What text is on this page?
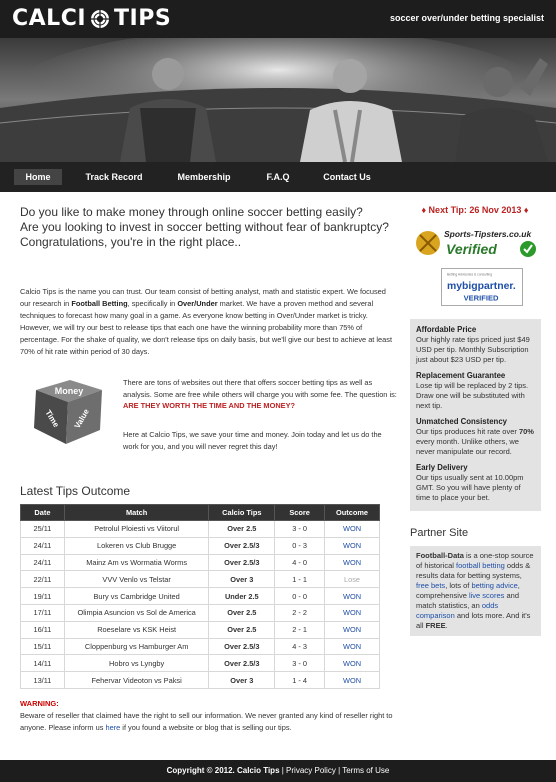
CALCI TIPS	soccer over/under betting specialist
Home	Track Record	Membership	F.A.Q	Contact Us
Do you like to make money through online soccer betting easily?
Are you looking to invest in soccer betting without fear of bankruptcy?
Congratulations, you're in the right place..
Calcio Tips is the name you can trust. Our team consist of betting analyst, math and statistic expert. We focused our research in Football Betting, specifically in Over/Under market. We have a proven method and several techniques to forecast how many goal in a game. As everyone know betting in Over/Under market is tricky. However, we will try our best to release tips that each one have the winning probability more than 75% of percentage. For the shake of quality, we don't release tips on daily basis, but we'll give our best to achieve at least 70% of hit rate within period of 30 days.
Money
Time Value
There are tons of websites out there that offers soccer betting tips as well as analysis. Some are free while others will charge you with some fee. The question is: ARE THEY WORTH THE TIME AND THE MONEY?
Here at Calcio Tips, we save your time and money. Join today and let us do the work for you, and you will never regret this day!
Latest Tips Outcome
Date	Match	Calcio Tips	Score	Outcome
25/11	Petrolul Ploiesti vs Viitorul	Over 2.5	3 - 0	WON
24/11	Lokeren vs Club Brugge	Over 2.5/3	0 - 3	WON
24/11	Mainz Am vs Wormatia Worms	Over 2.5/3	4 - 0	WON
22/11	VVV Venlo vs Telstar	Over 3	1 - 1	Lose
19/11	Bury vs Cambridge United	Under 2.5	0 - 0	WON
17/11	Olimpia Asuncion vs Sol de America	Over 2.5	2 - 2	WON
16/11	Roeselare vs KSK Heist	Over 2.5	2 - 1	WON
15/11	Cloppenburg vs Hamburger Am	Over 2.5/3	4 - 3	WON
14/11	Hobro vs Lyngby	Over 2.5/3	3 - 0	WON
13/11	Fehervar Videoton vs Paksi	Over 3	1 - 4	WON
WARNING:
Beware of reseller that claimed have the right to sell our information. We never granted any kind of reseller right to anyone. Please inform us here if you found a website or blog that is selling our tips.
♦ Next Tip: 26 Nov 2013 ♦
Sports-Tipsters.co.uk
Verified
Betting Advisories & consulting
mybigpartner.
VERIFIED
Affordable Price

Our highly rate tips priced just $49 USD per tip. Monthly Subscription just about $23 USD per tip.

Replacement Guarantee

Lose tip will be replaced by 2 tips. Draw one will be substituted with next tip.

Unmatched Consistency

Our tips produces hit rate over 70% every month. Unlike others, we never manipulate our record.

Early Delivery

Our tips usually sent at 10.00pm GMT. So you will have plenty of time to place your bet.

Partner Site
Football-Data is a one-stop source of historical football betting odds & results data for betting systems, free bets, lots of betting advice, comprehensive live scores and match statistics, an odds comparison and lots more. And it's all FREE.
Copyright © 2012. Calcio Tips | Privacy Policy | Terms of Use
